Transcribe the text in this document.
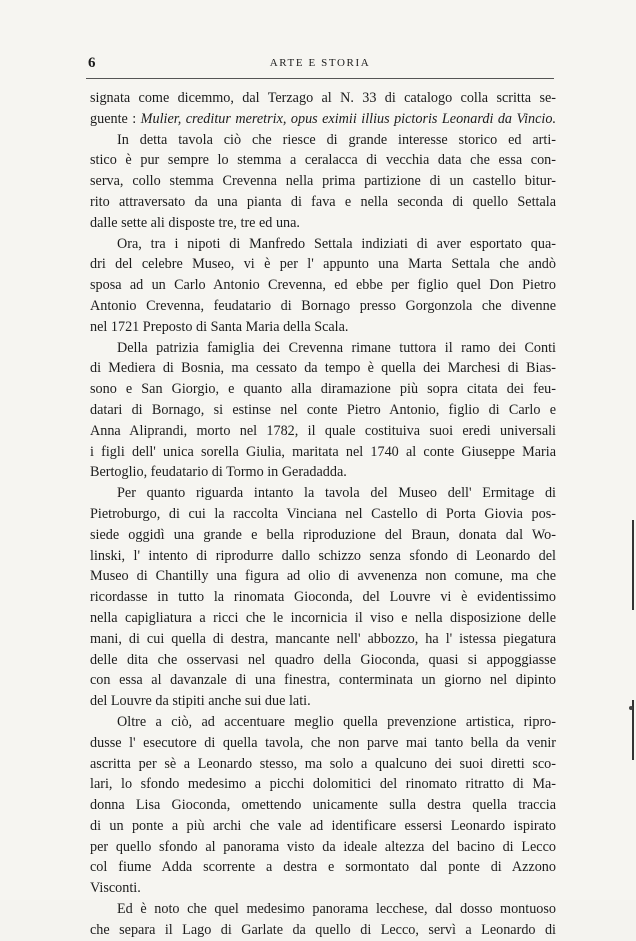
6	ARTE E STORIA
signata come dicemmo, dal Terzago al N. 33 di catalogo colla scritta se-
guente : Mulier, creditur meretrix, opus eximii illius pictoris Leonardi da Vincio.
In detta tavola ciò che riesce di grande interesse storico ed arti-
stico è pur sempre lo stemma a ceralacca di vecchia data che essa con-
serva, collo stemma Crevenna nella prima partizione di un castello bitur-
rito attraversato da una pianta di fava e nella seconda di quello Settala
dalle sette ali disposte tre, tre ed una.
Ora, tra i nipoti di Manfredo Settala indiziati di aver esportato qua-
dri del celebre Museo, vi è per l' appunto una Marta Settala che andò
sposa ad un Carlo Antonio Crevenna, ed ebbe per figlio quel Don Pietro
Antonio Crevenna, feudatario di Bornago presso Gorgonzola che divenne
nel 1721 Preposto di Santa Maria della Scala.
Della patrizia famiglia dei Crevenna rimane tuttora il ramo dei Conti
di Mediera di Bosnia, ma cessato da tempo è quella dei Marchesi di Bias-
sono e San Giorgio, e quanto alla diramazione più sopra citata dei feu-
datari di Bornago, si estinse nel conte Pietro Antonio, figlio di Carlo e
Anna Aliprandi, morto nel 1782, il quale costituiva suoi eredi universali
i figli dell' unica sorella Giulia, maritata nel 1740 al conte Giuseppe Maria
Bertoglio, feudatario di Tormo in Geradadda.
Per quanto riguarda intanto la tavola del Museo dell' Ermitage di
Pietroburgo, di cui la raccolta Vinciana nel Castello di Porta Giovia pos-
siede oggidì una grande e bella riproduzione del Braun, donata dal Wo-
linski, l' intento di riprodurre dallo schizzo senza sfondo di Leonardo del
Museo di Chantilly una figura ad olio di avvenenza non comune, ma che
ricordasse in tutto la rinomata Gioconda, del Louvre vi è evidentissimo
nella capigliatura a ricci che le incornicia il viso e nella disposizione delle
mani, di cui quella di destra, mancante nell' abbozzo, ha l' istessa piegatura
delle dita che osservasi nel quadro della Gioconda, quasi si appoggiasse
con essa al davanzale di una finestra, conterminata un giorno nel dipinto
del Louvre da stipiti anche sui due lati.
Oltre a ciò, ad accentuare meglio quella prevenzione artistica, ripro-
dusse l' esecutore di quella tavola, che non parve mai tanto bella da venir
ascritta per sè a Leonardo stesso, ma solo a qualcuno dei suoi diretti sco-
lari, lo sfondo medesimo a picchi dolomitici del rinomato ritratto di Ma-
donna Lisa Gioconda, omettendo unicamente sulla destra quella traccia
di un ponte a più archi che vale ad identificare essersi Leonardo ispirato
per quello sfondo al panorama visto da ideale altezza del bacino di Lecco
col fiume Adda scorrente a destra e sormontato dal ponte di Azzono
Visconti.
Ed è noto che quel medesimo panorama lecchese, dal dosso montuoso
che separa il Lago di Garlate da quello di Lecco, servì a Leonardo di
